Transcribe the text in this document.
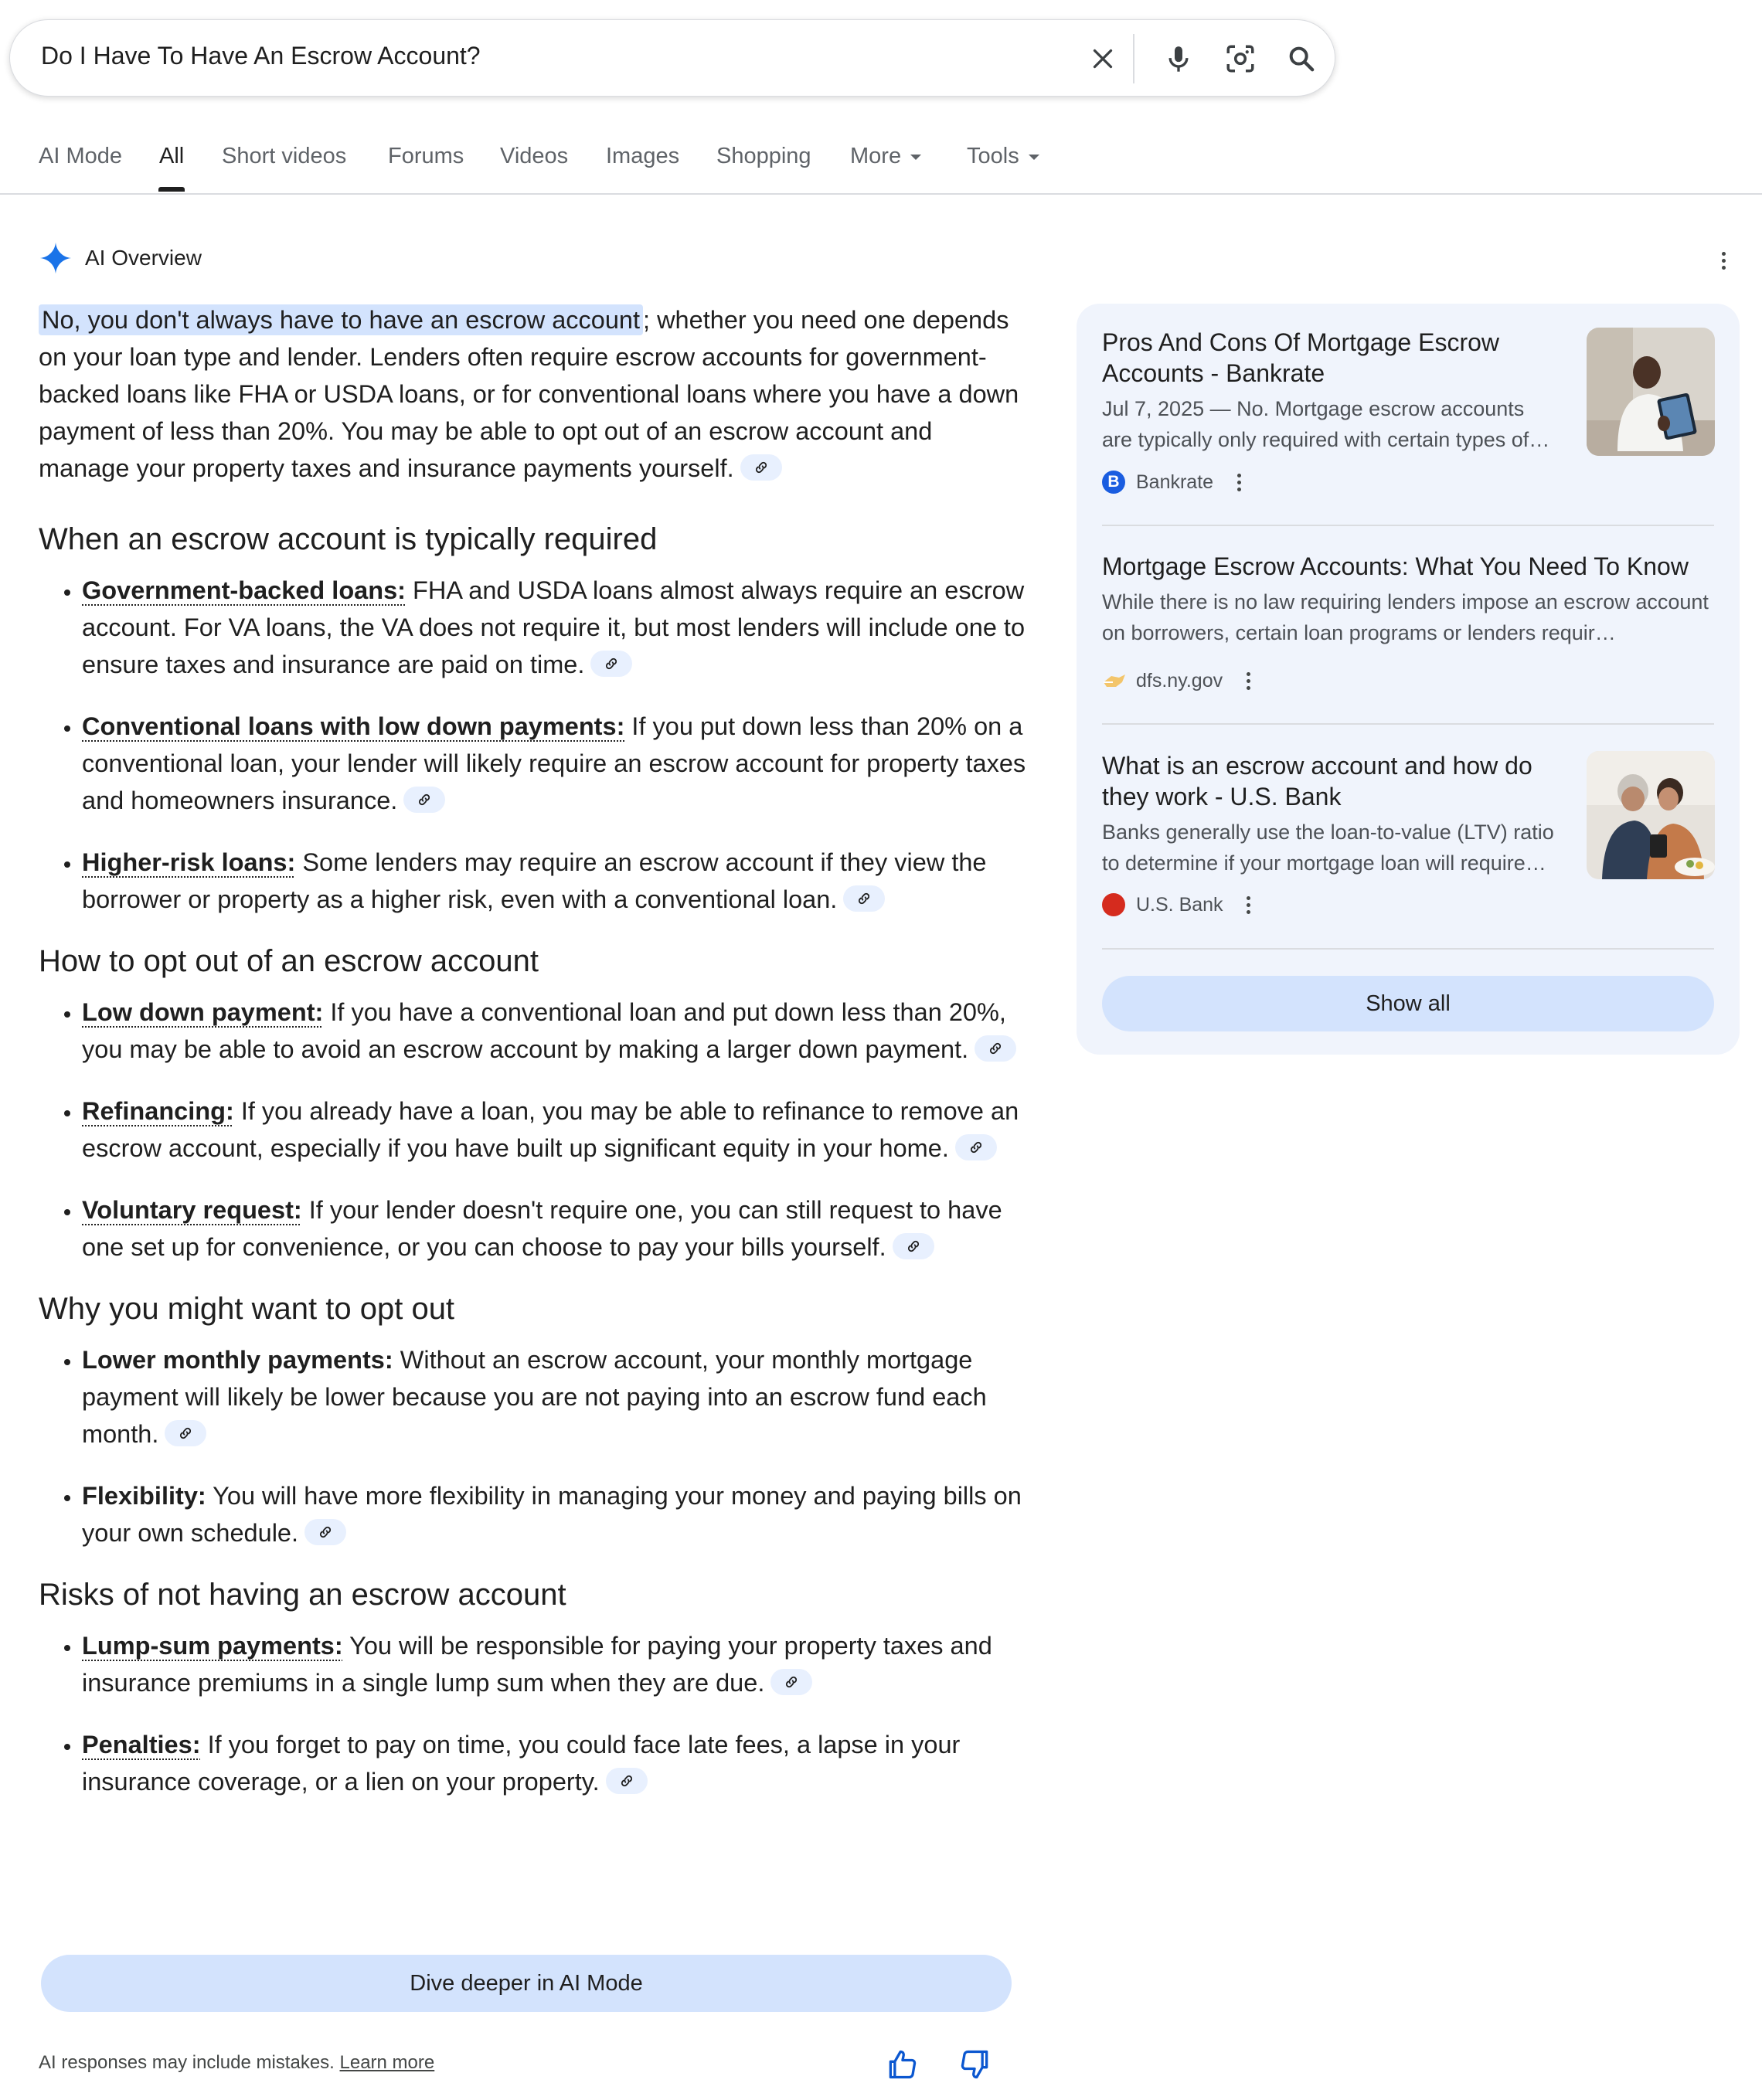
Do I Have To Have An Escrow Account?
AI Mode All Short videos Forums Videos Images Shopping More	Tools
AI Overview

No, you don't always have to have an escrow account ; whether you need one depends on your loan type and lender. Lenders often require escrow accounts for government-backed loans like FHA or USDA loans, or for conventional loans where you have a down payment of less than 20%. You may be able to opt out of an escrow account and manage your property taxes and insurance payments yourself.

When an escrow account is typically required
• Government-backed loans: FHA and USDA loans almost always require an escrow account. For VA loans, the VA does not require it, but most lenders will include one to ensure taxes and insurance are paid on time.
• Conventional loans with low down payments: If you put down less than 20% on a conventional loan, your lender will likely require an escrow account for property taxes and homeowners insurance.
• Higher-risk loans: Some lenders may require an escrow account if they view the borrower or property as a higher risk, even with a conventional loan.
How to opt out of an escrow account
• Low down payment: If you have a conventional loan and put down less than 20%, you may be able to avoid an escrow account by making a larger down payment.
• Refinancing: If you already have a loan, you may be able to refinance to remove an escrow account, especially if you have built up significant equity in your home.
• Voluntary request: If your lender doesn't require one, you can still request to have one set up for convenience, or you can choose to pay your bills yourself.
Why you might want to opt out
• Lower monthly payments: Without an escrow account, your monthly mortgage payment will likely be lower because you are not paying into an escrow fund each month.
• Flexibility: You will have more flexibility in managing your money and paying bills on your own schedule.
Risks of not having an escrow account
• Lump-sum payments: You will be responsible for paying your property taxes and insurance premiums in a single lump sum when they are due.
• Penalties: If you forget to pay on time, you could face late fees, a lapse in your insurance coverage, or a lien on your property.
Dive deeper in AI Mode
AI responses may include mistakes. Learn more
Pros And Cons Of Mortgage Escrow Accounts - Bankrate
Jul 7, 2025 — No. Mortgage escrow accounts are typically only required with certain types of…
B Bankrate
Mortgage Escrow Accounts: What You Need To Know
While there is no law requiring lenders impose an escrow account on borrowers, certain loan programs or lenders requir…
dfs.ny.gov
What is an escrow account and how do they work - U.S. Bank
Banks generally use the loan-to-value (LTV) ratio to determine if your mortgage loan will require…
U.S. Bank
Show all
